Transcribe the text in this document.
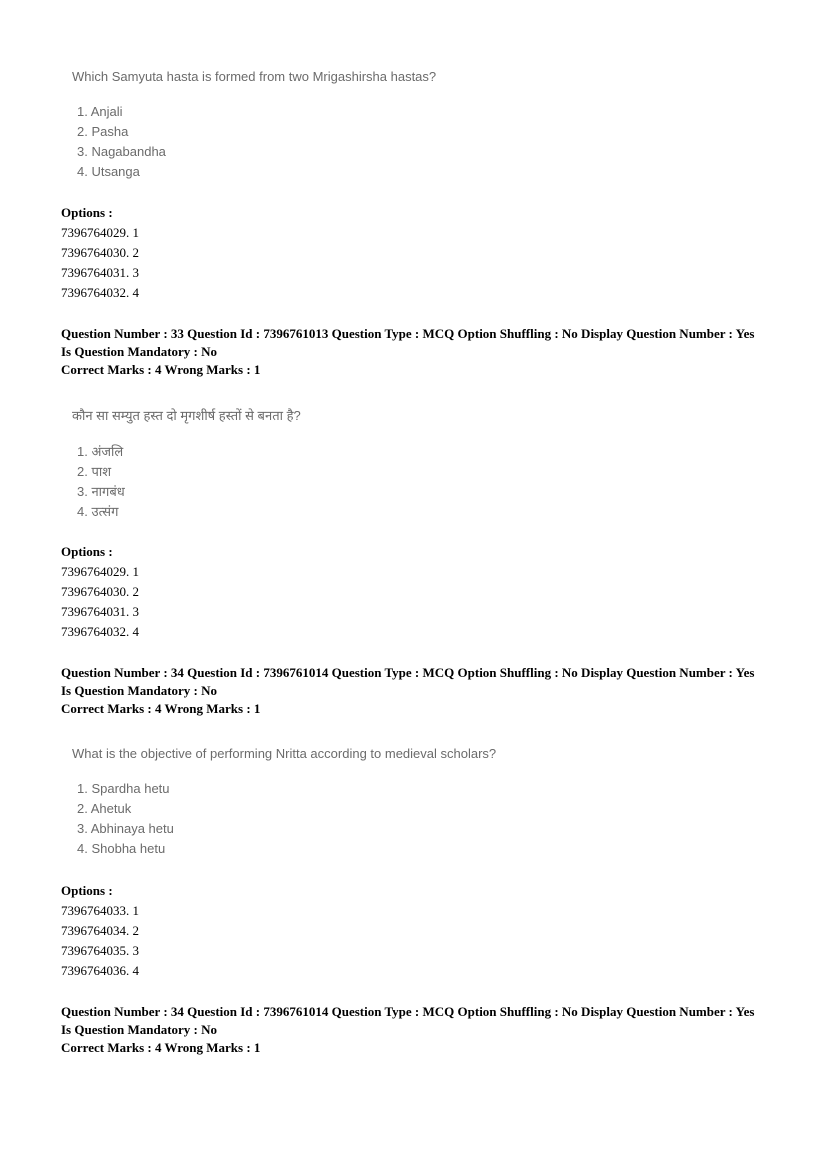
Which Samyuta hasta is formed from two Mrigashirsha hastas?
1. Anjali
2. Pasha
3. Nagabandha
4. Utsanga
Options :
7396764029. 1
7396764030. 2
7396764031. 3
7396764032. 4
Question Number : 33 Question Id : 7396761013 Question Type : MCQ Option Shuffling : No Display Question Number : Yes
Is Question Mandatory : No
Correct Marks : 4 Wrong Marks : 1
कौन सा सम्युत हस्त दो मृगशीर्ष हस्तों से बनता है?
1. अंजलि
2. पाश
3. नागबंध
4. उत्संग
Options :
7396764029. 1
7396764030. 2
7396764031. 3
7396764032. 4
Question Number : 34 Question Id : 7396761014 Question Type : MCQ Option Shuffling : No Display Question Number : Yes
Is Question Mandatory : No
Correct Marks : 4 Wrong Marks : 1
What is the objective of performing Nritta according to medieval scholars?
1. Spardha hetu
2. Ahetuk
3. Abhinaya hetu
4. Shobha hetu
Options :
7396764033. 1
7396764034. 2
7396764035. 3
7396764036. 4
Question Number : 34 Question Id : 7396761014 Question Type : MCQ Option Shuffling : No Display Question Number : Yes
Is Question Mandatory : No
Correct Marks : 4 Wrong Marks : 1
